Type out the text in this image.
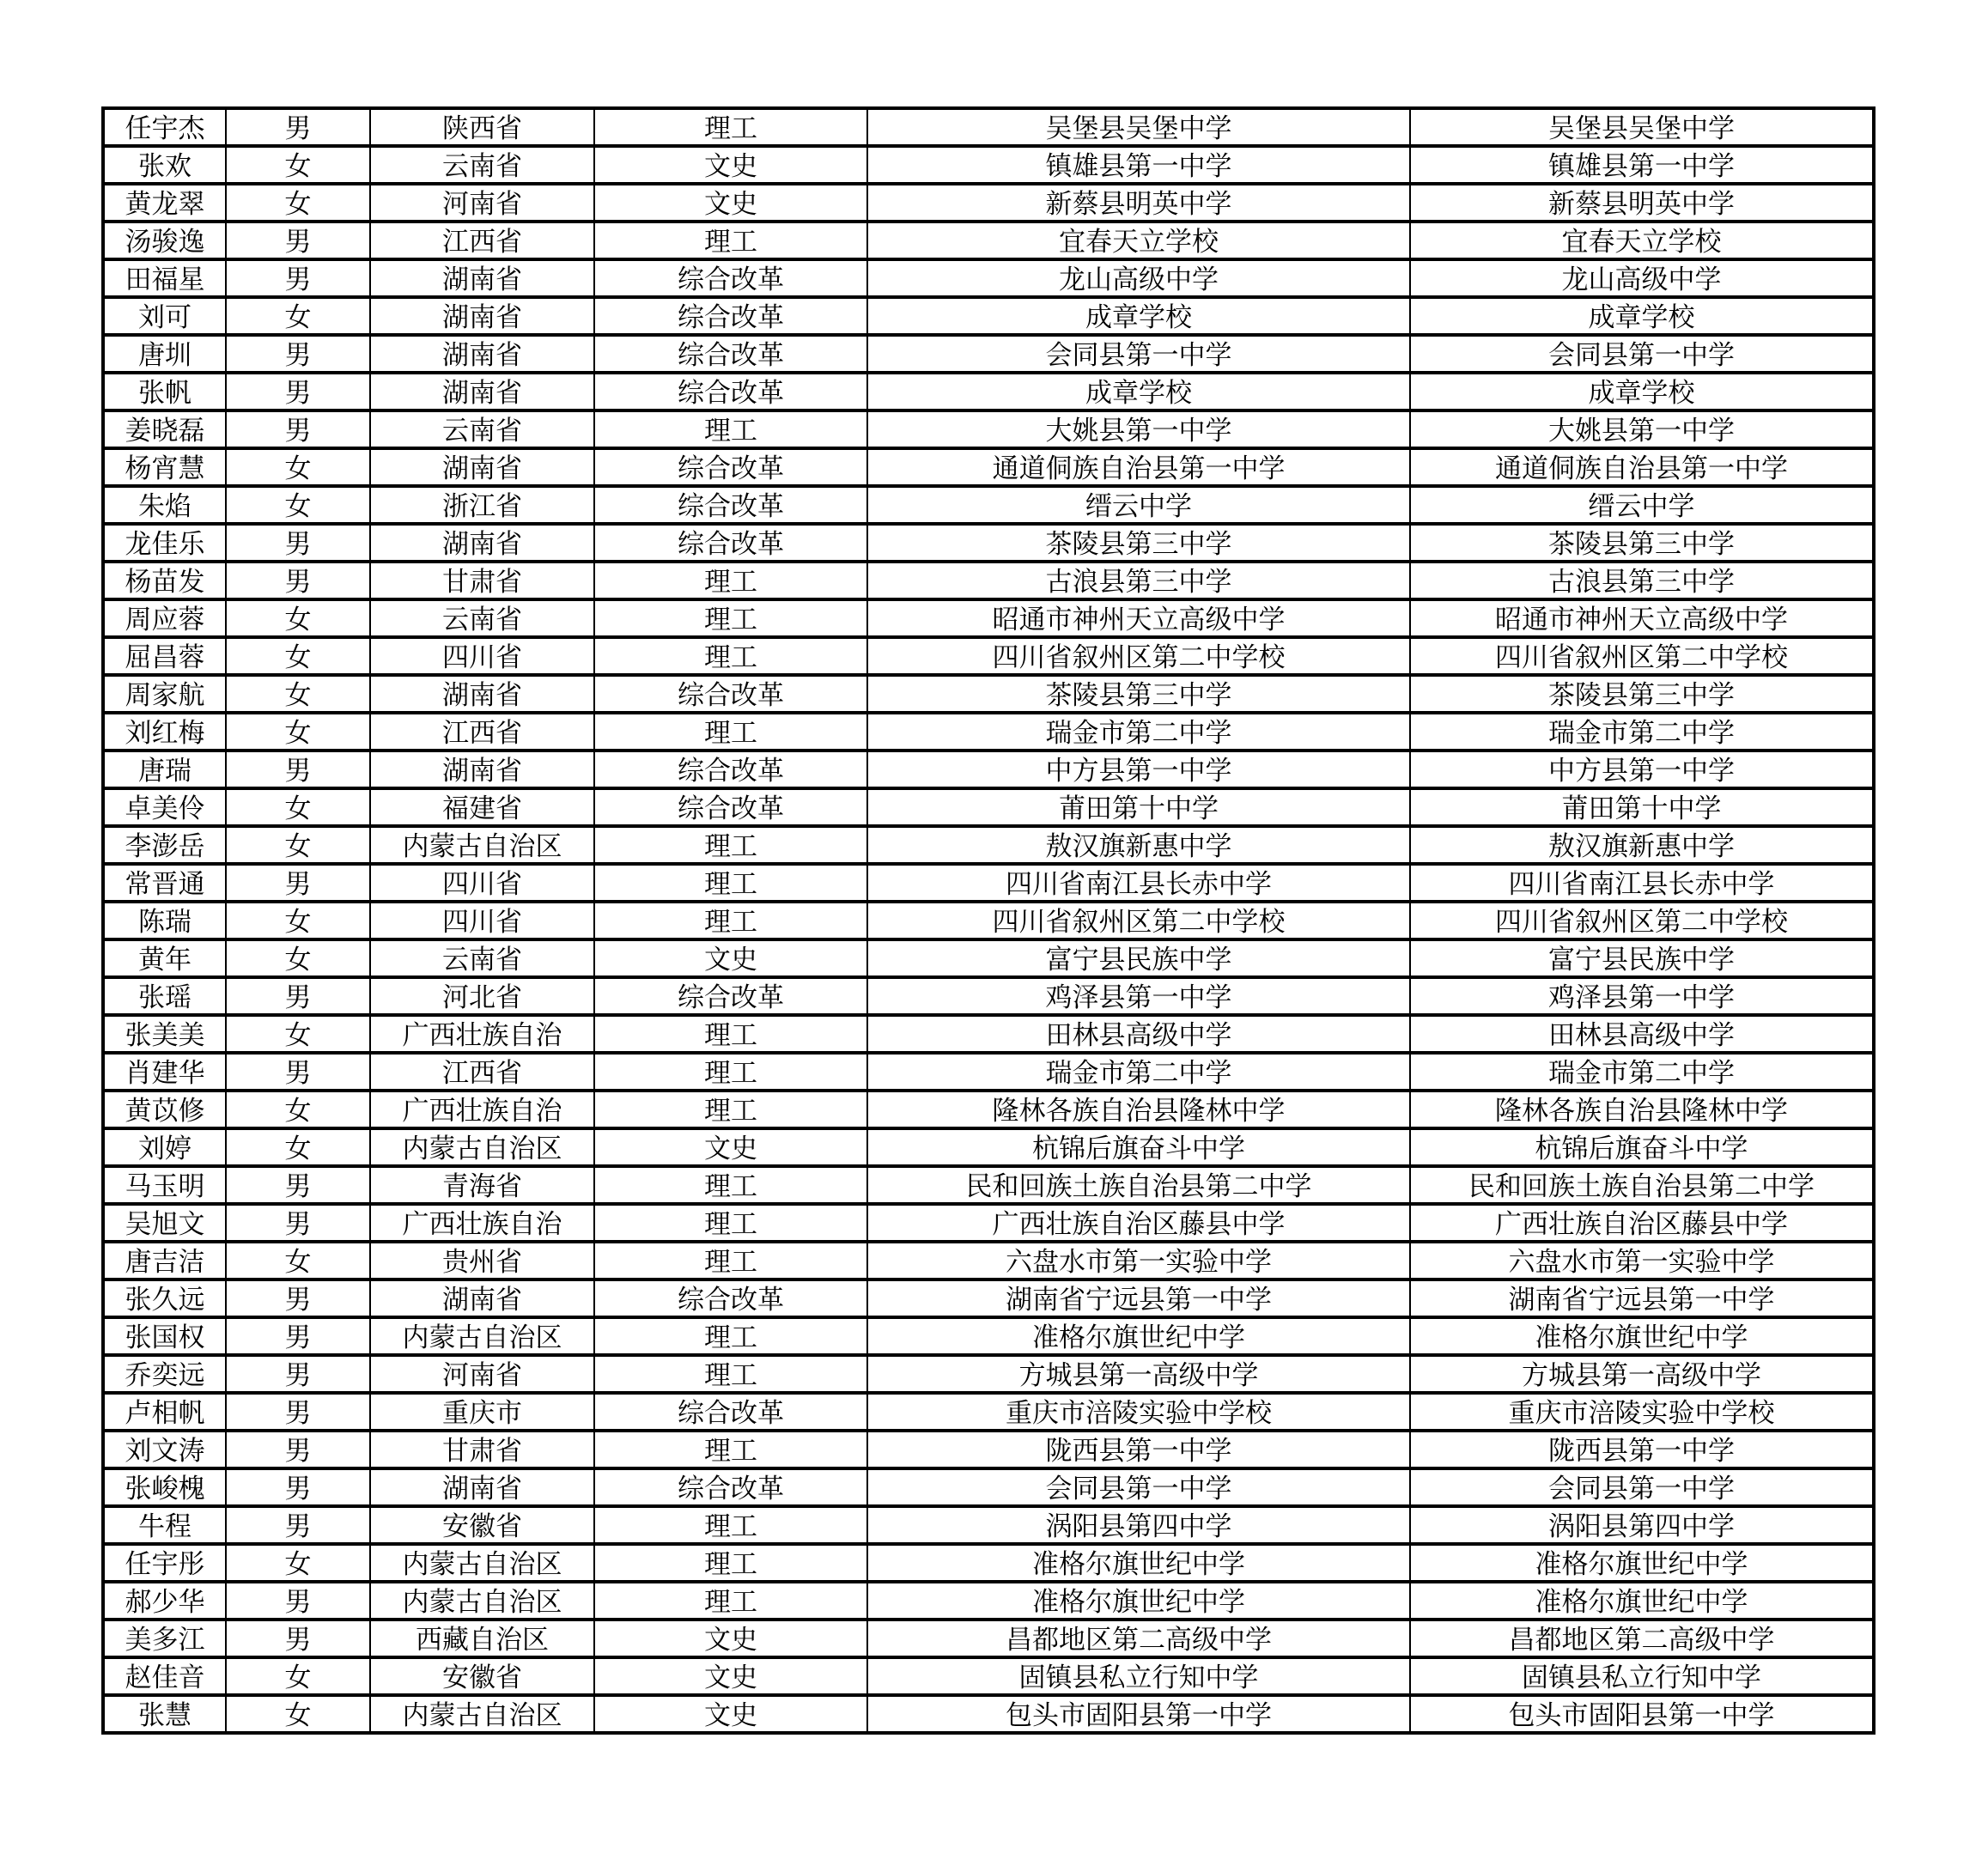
任宇杰	男	陕西省	理工	吴堡县吴堡中学	吴堡县吴堡中学
张欢	女	云南省	文史	镇雄县第一中学	镇雄县第一中学
黄龙翠	女	河南省	文史	新蔡县明英中学	新蔡县明英中学
汤骏逸	男	江西省	理工	宜春天立学校	宜春天立学校
田福星	男	湖南省	综合改革	龙山高级中学	龙山高级中学
刘可	女	湖南省	综合改革	成章学校	成章学校
唐圳	男	湖南省	综合改革	会同县第一中学	会同县第一中学
张帆	男	湖南省	综合改革	成章学校	成章学校
姜晓磊	男	云南省	理工	大姚县第一中学	大姚县第一中学
杨宵慧	女	湖南省	综合改革	通道侗族自治县第一中学	通道侗族自治县第一中学
朱焰	女	浙江省	综合改革	缙云中学	缙云中学
龙佳乐	男	湖南省	综合改革	茶陵县第三中学	茶陵县第三中学
杨苗发	男	甘肃省	理工	古浪县第三中学	古浪县第三中学
周应蓉	女	云南省	理工	昭通市神州天立高级中学	昭通市神州天立高级中学
屈昌蓉	女	四川省	理工	四川省叙州区第二中学校	四川省叙州区第二中学校
周家航	女	湖南省	综合改革	茶陵县第三中学	茶陵县第三中学
刘红梅	女	江西省	理工	瑞金市第二中学	瑞金市第二中学
唐瑞	男	湖南省	综合改革	中方县第一中学	中方县第一中学
卓美伶	女	福建省	综合改革	莆田第十中学	莆田第十中学
李澎岳	女	内蒙古自治区	理工	敖汉旗新惠中学	敖汉旗新惠中学
常晋通	男	四川省	理工	四川省南江县长赤中学	四川省南江县长赤中学
陈瑞	女	四川省	理工	四川省叙州区第二中学校	四川省叙州区第二中学校
黄年	女	云南省	文史	富宁县民族中学	富宁县民族中学
张瑶	男	河北省	综合改革	鸡泽县第一中学	鸡泽县第一中学
张美美	女	广西壮族自治	理工	田林县高级中学	田林县高级中学
肖建华	男	江西省	理工	瑞金市第二中学	瑞金市第二中学
黄苡修	女	广西壮族自治	理工	隆林各族自治县隆林中学	隆林各族自治县隆林中学
刘婷	女	内蒙古自治区	文史	杭锦后旗奋斗中学	杭锦后旗奋斗中学
马玉明	男	青海省	理工	民和回族土族自治县第二中学	民和回族土族自治县第二中学
吴旭文	男	广西壮族自治	理工	广西壮族自治区藤县中学	广西壮族自治区藤县中学
唐吉洁	女	贵州省	理工	六盘水市第一实验中学	六盘水市第一实验中学
张久远	男	湖南省	综合改革	湖南省宁远县第一中学	湖南省宁远县第一中学
张国权	男	内蒙古自治区	理工	准格尔旗世纪中学	准格尔旗世纪中学
乔奕远	男	河南省	理工	方城县第一高级中学	方城县第一高级中学
卢相帆	男	重庆市	综合改革	重庆市涪陵实验中学校	重庆市涪陵实验中学校
刘文涛	男	甘肃省	理工	陇西县第一中学	陇西县第一中学
张峻槐	男	湖南省	综合改革	会同县第一中学	会同县第一中学
牛程	男	安徽省	理工	涡阳县第四中学	涡阳县第四中学
任宇彤	女	内蒙古自治区	理工	准格尔旗世纪中学	准格尔旗世纪中学
郝少华	男	内蒙古自治区	理工	准格尔旗世纪中学	准格尔旗世纪中学
美多江	男	西藏自治区	文史	昌都地区第二高级中学	昌都地区第二高级中学
赵佳音	女	安徽省	文史	固镇县私立行知中学	固镇县私立行知中学
张慧	女	内蒙古自治区	文史	包头市固阳县第一中学	包头市固阳县第一中学
